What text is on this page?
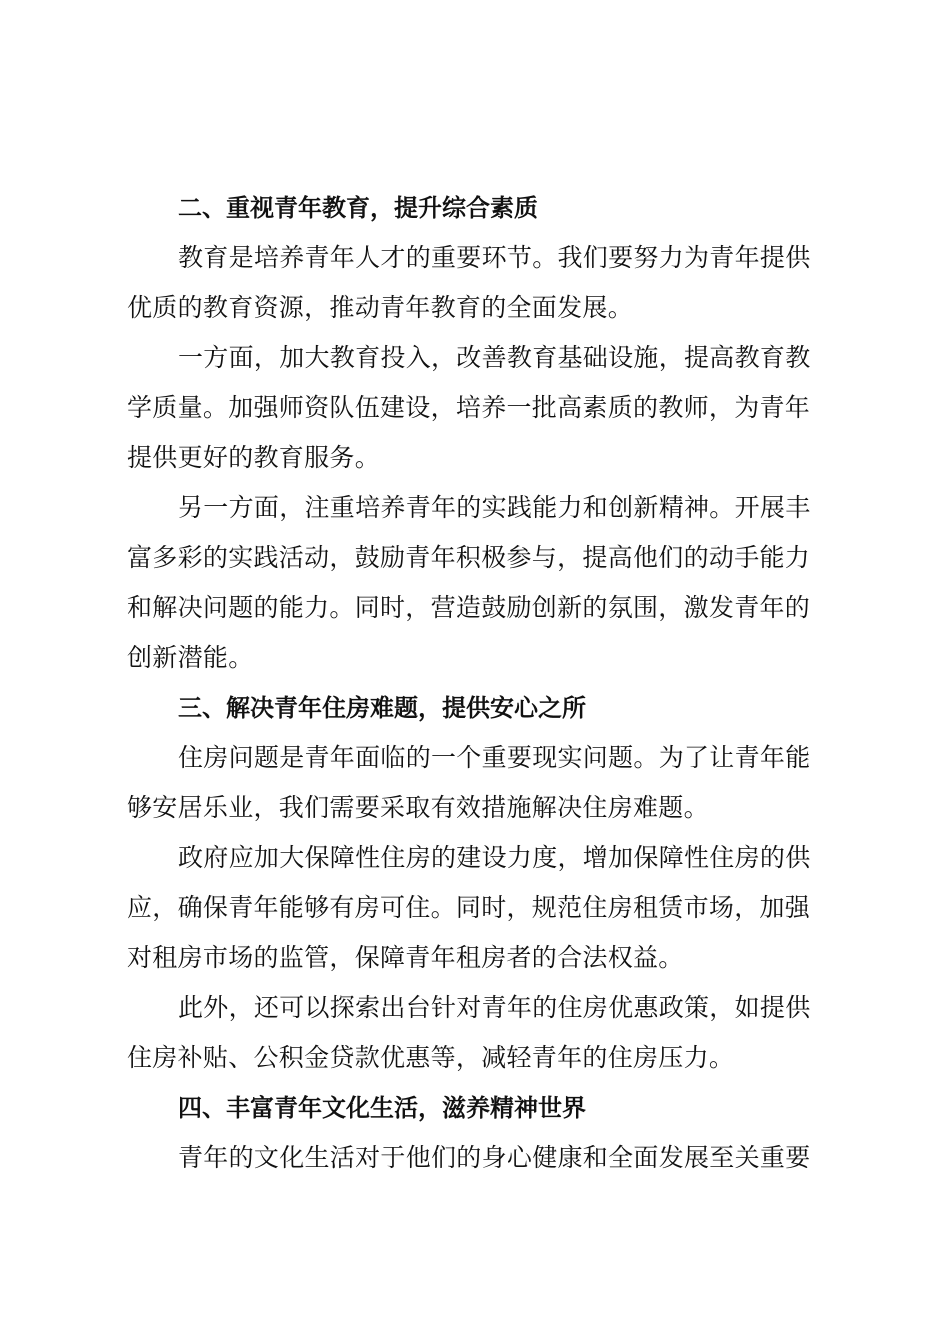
二、重视青年教育，提升综合素质

教育是培养青年人才的重要环节。我们要努力为青年提供
优质的教育资源，推动青年教育的全面发展。

一方面，加大教育投入，改善教育基础设施，提高教育教
学质量。加强师资队伍建设，培养一批高素质的教师，为青年
提供更好的教育服务。

另一方面，注重培养青年的实践能力和创新精神。开展丰
富多彩的实践活动，鼓励青年积极参与，提高他们的动手能力
和解决问题的能力。同时，营造鼓励创新的氛围，激发青年的
创新潜能。

三、解决青年住房难题，提供安心之所

住房问题是青年面临的一个重要现实问题。为了让青年能
够安居乐业，我们需要采取有效措施解决住房难题。

政府应加大保障性住房的建设力度，增加保障性住房的供
应，确保青年能够有房可住。同时，规范住房租赁市场，加强
对租房市场的监管，保障青年租房者的合法权益。

此外，还可以探索出台针对青年的住房优惠政策，如提供
住房补贴、公积金贷款优惠等，减轻青年的住房压力。

四、丰富青年文化生活，滋养精神世界

青年的文化生活对于他们的身心健康和全面发展至关重要
